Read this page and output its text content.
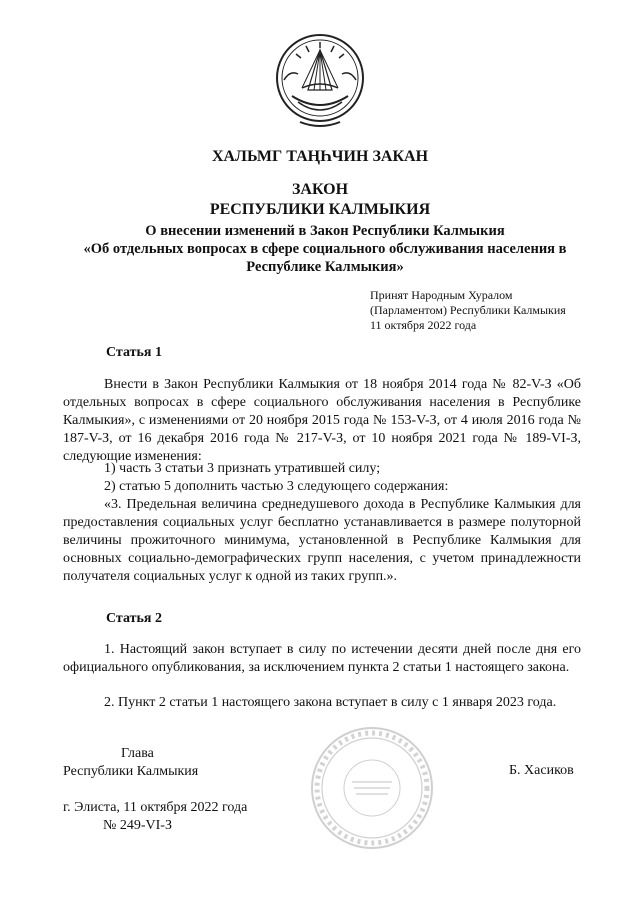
ХАЛЬМГ ТАҢҺЧИН ЗАКАН
ЗАКОН
РЕСПУБЛИКИ КАЛМЫКИЯ
О внесении изменений в Закон Республики Калмыкия
«Об отдельных вопросах в сфере социального обслуживания населения в Республике Калмыкия»
Принят Народным Хуралом
(Парламентом) Республики Калмыкия
11 октября 2022 года
Статья 1

Внести в Закон Республики Калмыкия от 18 ноября 2014 года № 82-V-З «Об отдельных вопросах в сфере социального обслуживания населения в Республике Калмыкия», с изменениями от 20 ноября 2015 года № 153-V-З, от 4 июля 2016 года № 187-V-З, от 16 декабря 2016 года № 217-V-З, от 10 ноября 2021 года № 189-VI-З, следующие изменения:

1) часть 3 статьи 3 признать утратившей силу;

2) статью 5 дополнить частью 3 следующего содержания:

«3. Предельная величина среднедушевого дохода в Республике Калмыкия для предоставления социальных услуг бесплатно устанавливается в размере полуторной величины прожиточного минимума, установленной в Республике Калмыкия для основных социально-демографических групп населения, с учетом принадлежности получателя социальных услуг к одной из таких групп.».

Статья 2

1. Настоящий закон вступает в силу по истечении десяти дней после дня его официального опубликования, за исключением пункта 2 статьи 1 настоящего закона.

2. Пункт 2 статьи 1 настоящего закона вступает в силу с 1 января 2023 года.

Глава
Республики Калмыкия	Б. Хасиков
г. Элиста, 11 октября 2022 года
№ 249-VI-З
